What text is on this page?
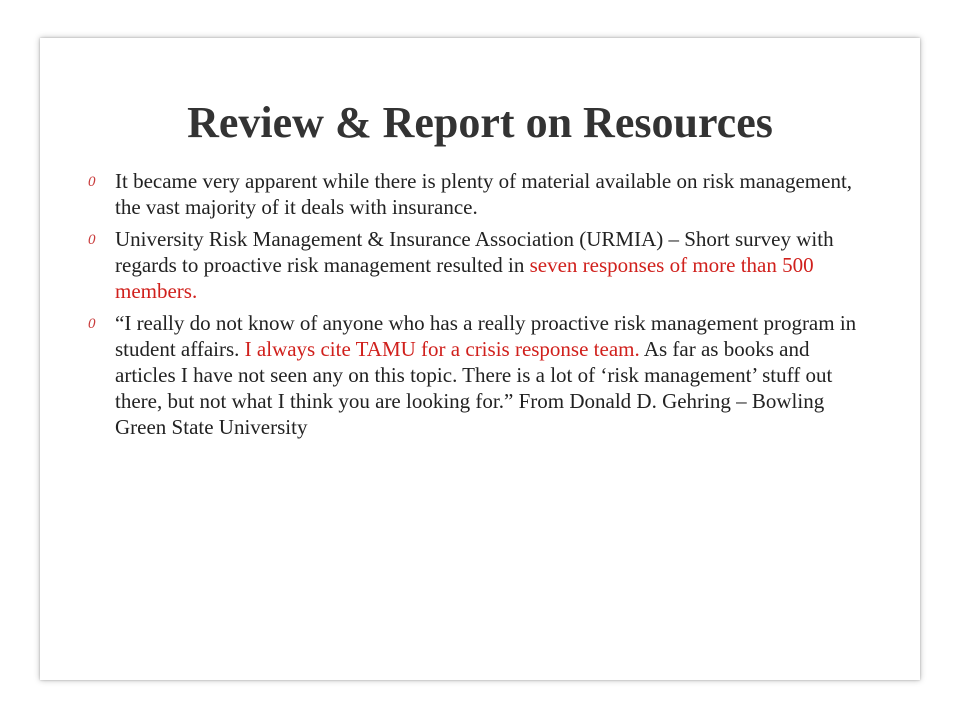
Review & Report on Resources
0 It became very apparent while there is plenty of material available on risk management, the vast majority of it deals with insurance.
0 University Risk Management & Insurance Association (URMIA) – Short survey with regards to proactive risk management resulted in seven responses of more than 500 members.
0 “I really do not know of anyone who has a really proactive risk management program in student affairs. I always cite TAMU for a crisis response team. As far as books and articles I have not seen any on this topic. There is a lot of ‘risk management’ stuff out there, but not what I think you are looking for.” From Donald D. Gehring – Bowling Green State University
